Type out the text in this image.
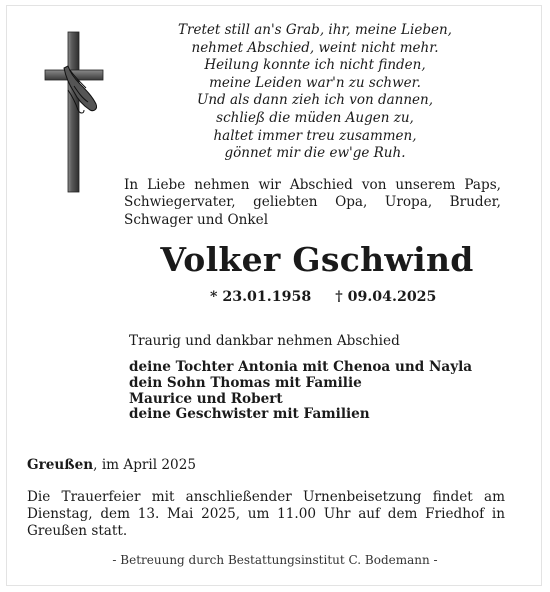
Tretet still an's Grab, ihr, meine Lieben,
nehmet Abschied, weint nicht mehr.
Heilung konnte ich nicht finden,
meine Leiden war'n zu schwer.
Und als dann zieh ich von dannen,
schließ die müden Augen zu,
haltet immer treu zusammen,
gönnet mir die ew'ge Ruh.

In Liebe nehmen wir Abschied von unserem Paps, Schwiegervater, geliebten Opa, Uropa, Bruder, Schwager und Onkel

Volker Gschwind
* 23.01.1958 † 09.04.2025
Traurig und dankbar nehmen Abschied
deine Tochter Antonia mit Chenoa und Nayla
dein Sohn Thomas mit Familie
Maurice und Robert
deine Geschwister mit Familien
Greußen, im April 2025

Die Trauerfeier mit anschließender Urnenbeisetzung findet am Dienstag, dem 13. Mai 2025, um 11.00 Uhr auf dem Friedhof in Greußen statt.

- Betreuung durch Bestattungsinstitut C. Bodemann -
